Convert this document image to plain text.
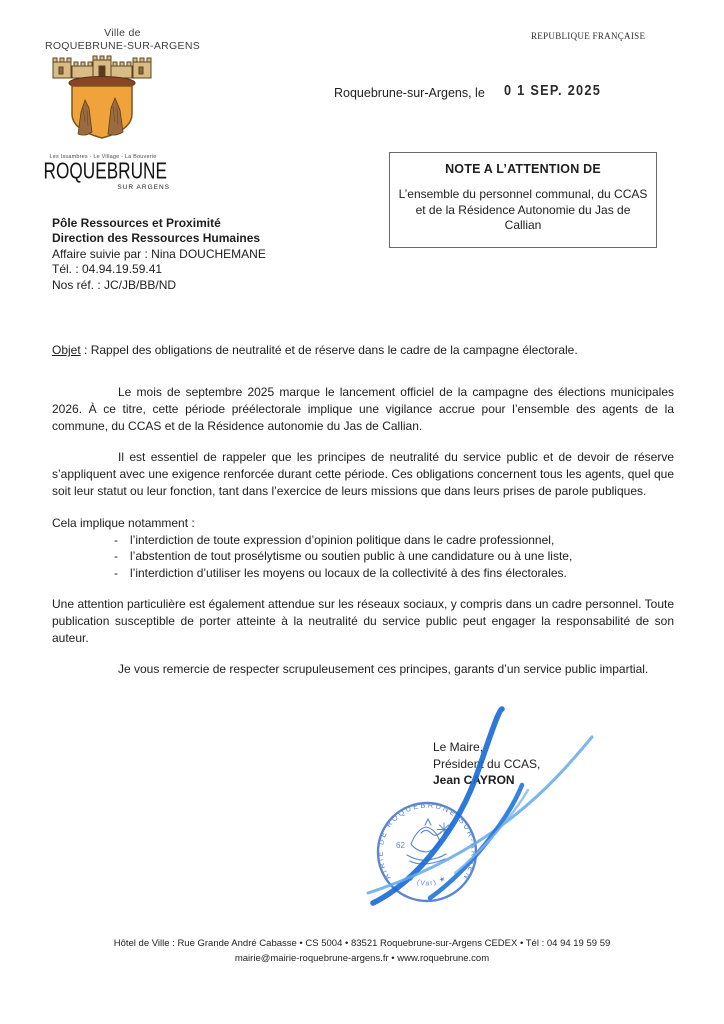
Ville de
ROQUEBRUNE-SUR-ARGENS
Les Issambres - Le Village - La Bouverie
ROQUEBRUNE
SUR ARGENS
REPUBLIQUE FRANÇAISE
Roquebrune-sur-Argens, le 0 1 SEP. 2025
NOTE A L’ATTENTION DE
L’ensemble du personnel communal, du CCAS et de la Résidence Autonomie du Jas de Callian
Pôle Ressources et Proximité
Direction des Ressources Humaines
Affaire suivie par : Nina DOUCHEMANE
Tél. : 04.94.19.59.41
Nos réf. : JC/JB/BB/ND
Objet : Rappel des obligations de neutralité et de réserve dans le cadre de la campagne électorale.

Le mois de septembre 2025 marque le lancement officiel de la campagne des élections municipales 2026. À ce titre, cette période préélectorale implique une vigilance accrue pour l’ensemble des agents de la commune, du CCAS et de la Résidence autonomie du Jas de Callian.

Il est essentiel de rappeler que les principes de neutralité du service public et de devoir de réserve s’appliquent avec une exigence renforcée durant cette période. Ces obligations concernent tous les agents, quel que soit leur statut ou leur fonction, tant dans l’exercice de leurs missions que dans leurs prises de parole publiques.

Cela implique notamment :

- l’interdiction de toute expression d’opinion politique dans le cadre professionnel,
- l’abstention de tout prosélytisme ou soutien public à une candidature ou à une liste,
- l’interdiction d’utiliser les moyens ou locaux de la collectivité à des fins électorales.

Une attention particulière est également attendue sur les réseaux sociaux, y compris dans un cadre personnel. Toute publication susceptible de porter atteinte à la neutralité du service public peut engager la responsabilité de son auteur.

Je vous remercie de respecter scrupuleusement ces principes, garants d’un service public impartial.

Le Maire,
Président du CCAS,
Jean CAYRON
MAIRIE DE ROQUEBRUNE-SUR-ARGENS
★ (Var) ★
62
Hôtel de Ville : Rue Grande André Cabasse • CS 5004 • 83521 Roquebrune-sur-Argens CEDEX • Tél : 04 94 19 59 59
mairie@mairie-roquebrune-argens.fr • www.roquebrune.com
